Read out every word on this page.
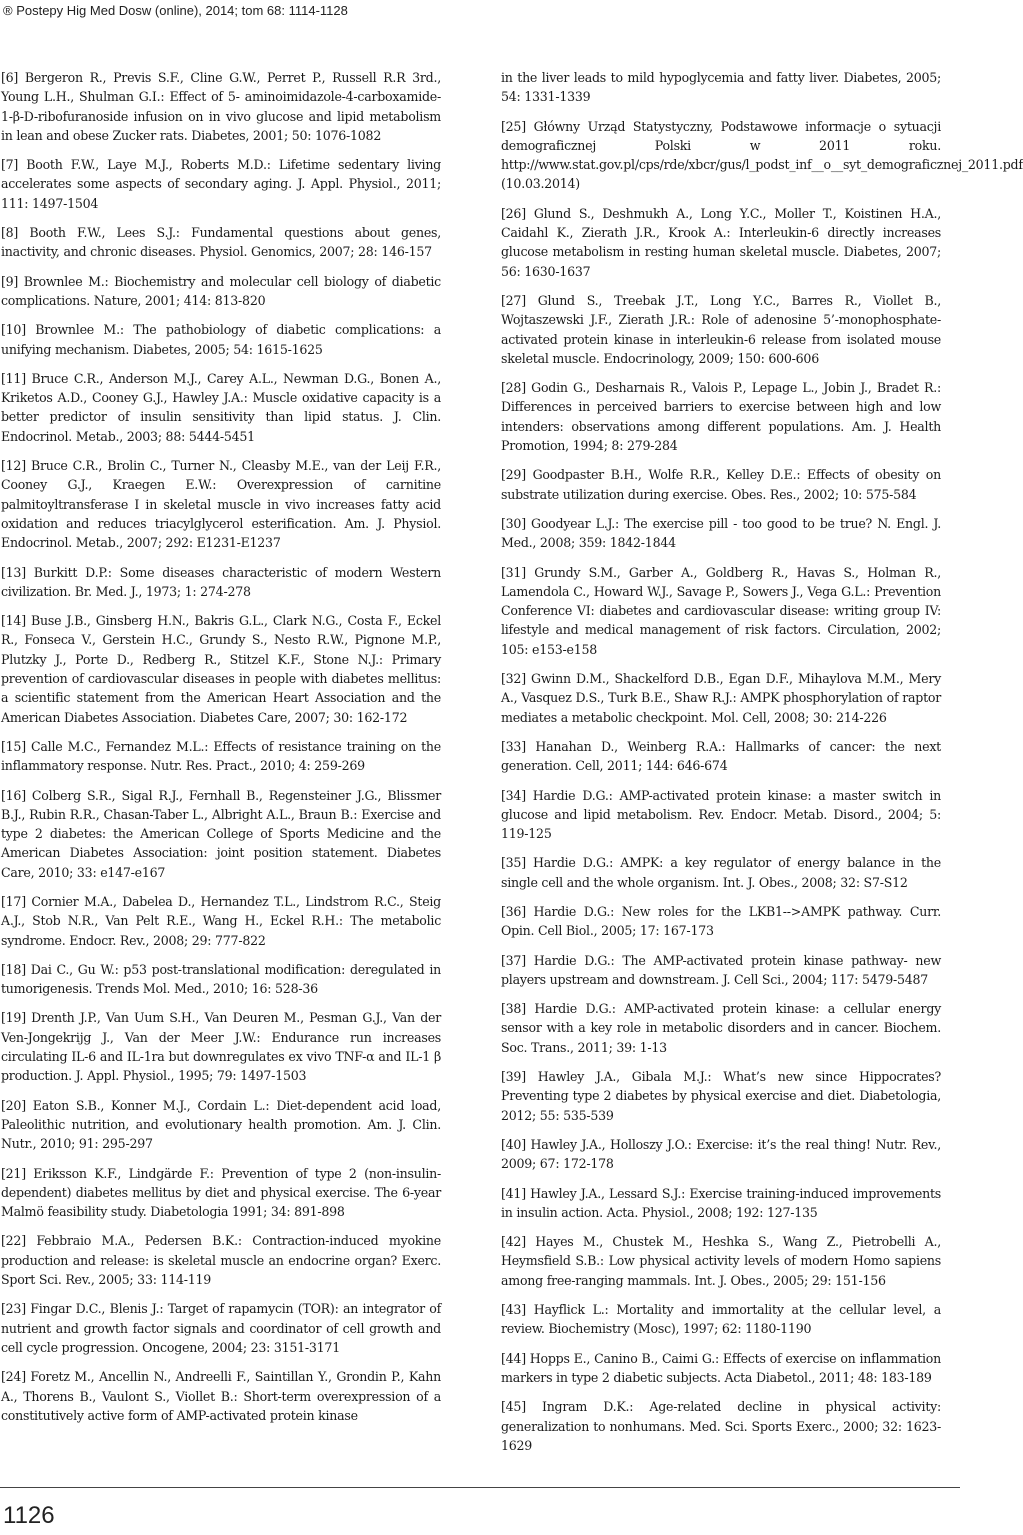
® Postepy Hig Med Dosw (online), 2014; tom 68: 1114-1128

[6] Bergeron R., Previs S.F., Cline G.W., Perret P., Russell R.R 3rd., Young L.H., Shulman G.I.: Effect of 5- aminoimidazole-4-carboxamide-1-β-D-ribofuranoside infusion on in vivo glucose and lipid metabolism in lean and obese Zucker rats. Diabetes, 2001; 50: 1076-1082

[7] Booth F.W., Laye M.J., Roberts M.D.: Lifetime sedentary living accelerates some aspects of secondary aging. J. Appl. Physiol., 2011; 111: 1497-1504

[8] Booth F.W., Lees S.J.: Fundamental questions about genes, inactivity, and chronic diseases. Physiol. Genomics, 2007; 28: 146-157

[9] Brownlee M.: Biochemistry and molecular cell biology of diabetic complications. Nature, 2001; 414: 813-820

[10] Brownlee M.: The pathobiology of diabetic complications: a unifying mechanism. Diabetes, 2005; 54: 1615-1625

[11] Bruce C.R., Anderson M.J., Carey A.L., Newman D.G., Bonen A., Kriketos A.D., Cooney G.J., Hawley J.A.: Muscle oxidative capacity is a better predictor of insulin sensitivity than lipid status. J. Clin. Endocrinol. Metab., 2003; 88: 5444-5451

[12] Bruce C.R., Brolin C., Turner N., Cleasby M.E., van der Leij F.R., Cooney G.J., Kraegen E.W.: Overexpression of carnitine palmitoyltransferase I in skeletal muscle in vivo increases fatty acid oxidation and reduces triacylglycerol esterification. Am. J. Physiol. Endocrinol. Metab., 2007; 292: E1231-E1237

[13] Burkitt D.P.: Some diseases characteristic of modern Western civilization. Br. Med. J., 1973; 1: 274-278

[14] Buse J.B., Ginsberg H.N., Bakris G.L., Clark N.G., Costa F., Eckel R., Fonseca V., Gerstein H.C., Grundy S., Nesto R.W., Pignone M.P., Plutzky J., Porte D., Redberg R., Stitzel K.F., Stone N.J.: Primary prevention of cardiovascular diseases in people with diabetes mellitus: a scientific statement from the American Heart Association and the American Diabetes Association. Diabetes Care, 2007; 30: 162-172

[15] Calle M.C., Fernandez M.L.: Effects of resistance training on the inflammatory response. Nutr. Res. Pract., 2010; 4: 259-269

[16] Colberg S.R., Sigal R.J., Fernhall B., Regensteiner J.G., Blissmer B.J., Rubin R.R., Chasan-Taber L., Albright A.L., Braun B.: Exercise and type 2 diabetes: the American College of Sports Medicine and the American Diabetes Association: joint position statement. Diabetes Care, 2010; 33: e147-e167

[17] Cornier M.A., Dabelea D., Hernandez T.L., Lindstrom R.C., Steig A.J., Stob N.R., Van Pelt R.E., Wang H., Eckel R.H.: The metabolic syndrome. Endocr. Rev., 2008; 29: 777-822

[18] Dai C., Gu W.: p53 post-translational modification: deregulated in tumorigenesis. Trends Mol. Med., 2010; 16: 528-36

[19] Drenth J.P., Van Uum S.H., Van Deuren M., Pesman G.J., Van der Ven-Jongekrijg J., Van der Meer J.W.: Endurance run increases circulating IL-6 and IL-1ra but downregulates ex vivo TNF-α and IL-1 β production. J. Appl. Physiol., 1995; 79: 1497-1503

[20] Eaton S.B., Konner M.J., Cordain L.: Diet-dependent acid load, Paleolithic nutrition, and evolutionary health promotion. Am. J. Clin. Nutr., 2010; 91: 295-297

[21] Eriksson K.F., Lindgärde F.: Prevention of type 2 (non-insulin-dependent) diabetes mellitus by diet and physical exercise. The 6-year Malmö feasibility study. Diabetologia 1991; 34: 891-898

[22] Febbraio M.A., Pedersen B.K.: Contraction-induced myokine production and release: is skeletal muscle an endocrine organ? Exerc. Sport Sci. Rev., 2005; 33: 114-119

[23] Fingar D.C., Blenis J.: Target of rapamycin (TOR): an integrator of nutrient and growth factor signals and coordinator of cell growth and cell cycle progression. Oncogene, 2004; 23: 3151-3171

[24] Foretz M., Ancellin N., Andreelli F., Saintillan Y., Grondin P., Kahn A., Thorens B., Vaulont S., Viollet B.: Short-term overexpression of a constitutively active form of AMP-activated protein kinase

in the liver leads to mild hypoglycemia and fatty liver. Diabetes, 2005; 54: 1331-1339

[25] Główny Urząd Statystyczny, Podstawowe informacje o sytuacji demograficznej Polski w 2011 roku. http://www.stat.gov.pl/cps/rde/xbcr/gus/l_podst_inf__o__syt_demograficznej_2011.pdf (10.03.2014)

[26] Glund S., Deshmukh A., Long Y.C., Moller T., Koistinen H.A., Caidahl K., Zierath J.R., Krook A.: Interleukin-6 directly increases glucose metabolism in resting human skeletal muscle. Diabetes, 2007; 56: 1630-1637

[27] Glund S., Treebak J.T., Long Y.C., Barres R., Viollet B., Wojtaszewski J.F., Zierath J.R.: Role of adenosine 5’-monophosphate-activated protein kinase in interleukin-6 release from isolated mouse skeletal muscle. Endocrinology, 2009; 150: 600-606

[28] Godin G., Desharnais R., Valois P., Lepage L., Jobin J., Bradet R.: Differences in perceived barriers to exercise between high and low intenders: observations among different populations. Am. J. Health Promotion, 1994; 8: 279-284

[29] Goodpaster B.H., Wolfe R.R., Kelley D.E.: Effects of obesity on substrate utilization during exercise. Obes. Res., 2002; 10: 575-584

[30] Goodyear L.J.: The exercise pill - too good to be true? N. Engl. J. Med., 2008; 359: 1842-1844

[31] Grundy S.M., Garber A., Goldberg R., Havas S., Holman R., Lamendola C., Howard W.J., Savage P., Sowers J., Vega G.L.: Prevention Conference VI: diabetes and cardiovascular disease: writing group IV: lifestyle and medical management of risk factors. Circulation, 2002; 105: e153-e158

[32] Gwinn D.M., Shackelford D.B., Egan D.F., Mihaylova M.M., Mery A., Vasquez D.S., Turk B.E., Shaw R.J.: AMPK phosphorylation of raptor mediates a metabolic checkpoint. Mol. Cell, 2008; 30: 214-226

[33] Hanahan D., Weinberg R.A.: Hallmarks of cancer: the next generation. Cell, 2011; 144: 646-674

[34] Hardie D.G.: AMP-activated protein kinase: a master switch in glucose and lipid metabolism. Rev. Endocr. Metab. Disord., 2004; 5: 119-125

[35] Hardie D.G.: AMPK: a key regulator of energy balance in the single cell and the whole organism. Int. J. Obes., 2008; 32: S7-S12

[36] Hardie D.G.: New roles for the LKB1-->AMPK pathway. Curr. Opin. Cell Biol., 2005; 17: 167-173

[37] Hardie D.G.: The AMP-activated protein kinase pathway- new players upstream and downstream. J. Cell Sci., 2004; 117: 5479-5487

[38] Hardie D.G.: AMP-activated protein kinase: a cellular energy sensor with a key role in metabolic disorders and in cancer. Biochem. Soc. Trans., 2011; 39: 1-13

[39] Hawley J.A., Gibala M.J.: What’s new since Hippocrates? Preventing type 2 diabetes by physical exercise and diet. Diabetologia, 2012; 55: 535-539

[40] Hawley J.A., Holloszy J.O.: Exercise: it’s the real thing! Nutr. Rev., 2009; 67: 172-178

[41] Hawley J.A., Lessard S.J.: Exercise training-induced improvements in insulin action. Acta. Physiol., 2008; 192: 127-135

[42] Hayes M., Chustek M., Heshka S., Wang Z., Pietrobelli A., Heymsfield S.B.: Low physical activity levels of modern Homo sapiens among free-ranging mammals. Int. J. Obes., 2005; 29: 151-156

[43] Hayflick L.: Mortality and immortality at the cellular level, a review. Biochemistry (Mosc), 1997; 62: 1180-1190

[44] Hopps E., Canino B., Caimi G.: Effects of exercise on inflammation markers in type 2 diabetic subjects. Acta Diabetol., 2011; 48: 183-189

[45] Ingram D.K.: Age-related decline in physical activity: generalization to nonhumans. Med. Sci. Sports Exerc., 2000; 32: 1623-1629

1126
